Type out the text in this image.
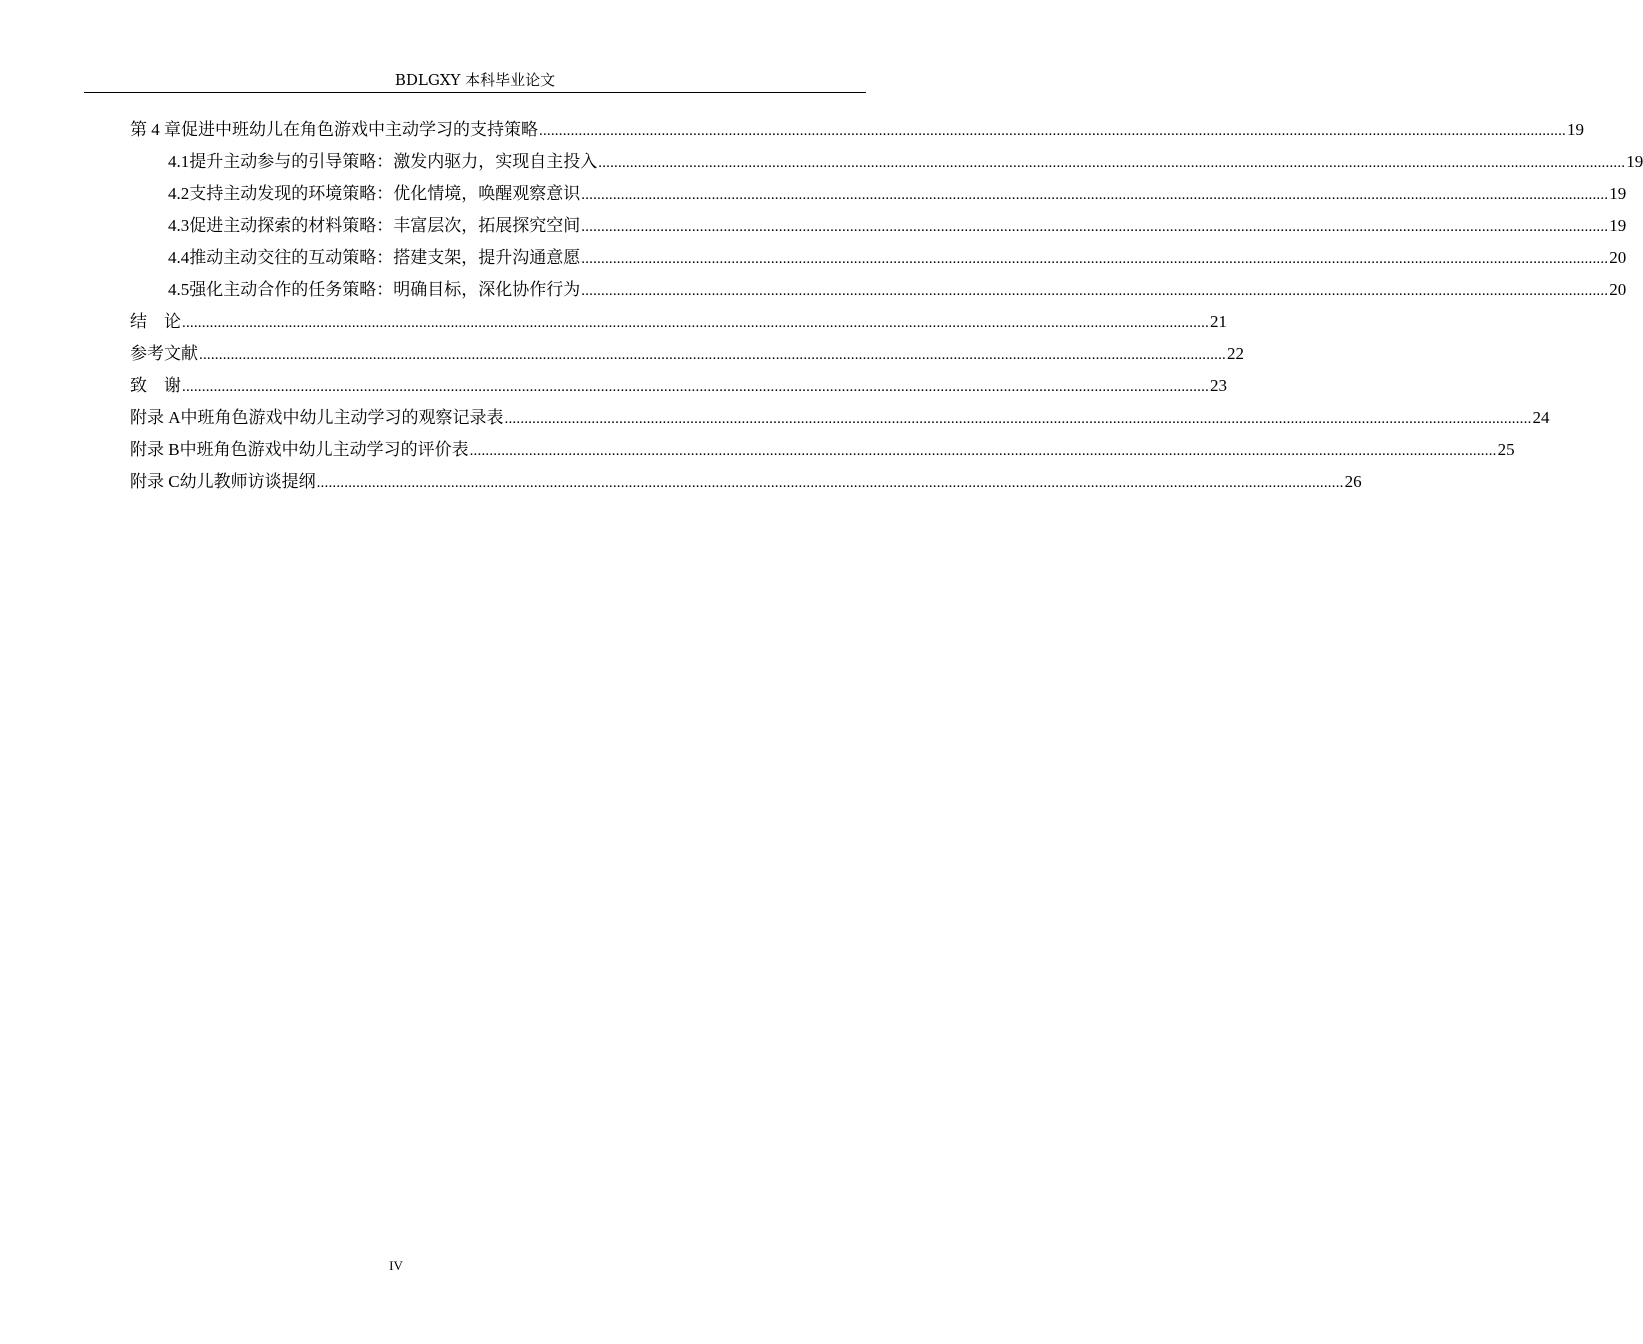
BDLGXY 本科毕业论文
第 4 章 促进中班幼儿在角色游戏中主动学习的支持策略 .................................................................................................................................................................................................................................................................... 19
4.1 提升主动参与的引导策略：激发内驱力，实现自主投入 .................................................................................................................................................................................................................................................................... 19
4.2 支持主动发现的环境策略：优化情境，唤醒观察意识 .................................................................................................................................................................................................................................................................... 19
4.3 促进主动探索的材料策略：丰富层次，拓展探究空间 .................................................................................................................................................................................................................................................................... 19
4.4 推动主动交往的互动策略：搭建支架，提升沟通意愿 .................................................................................................................................................................................................................................................................... 20
4.5 强化主动合作的任务策略：明确目标，深化协作行为 .................................................................................................................................................................................................................................................................... 20
结　论 .................................................................................................................................................................................................................................................................... 21
参考文献 .................................................................................................................................................................................................................................................................... 22
致　谢 .................................................................................................................................................................................................................................................................... 23
附录 A 中班角色游戏中幼儿主动学习的观察记录表 .................................................................................................................................................................................................................................................................... 24
附录 B 中班角色游戏中幼儿主动学习的评价表 .................................................................................................................................................................................................................................................................... 25
附录 C 幼儿教师访谈提纲 .................................................................................................................................................................................................................................................................... 26
IV
